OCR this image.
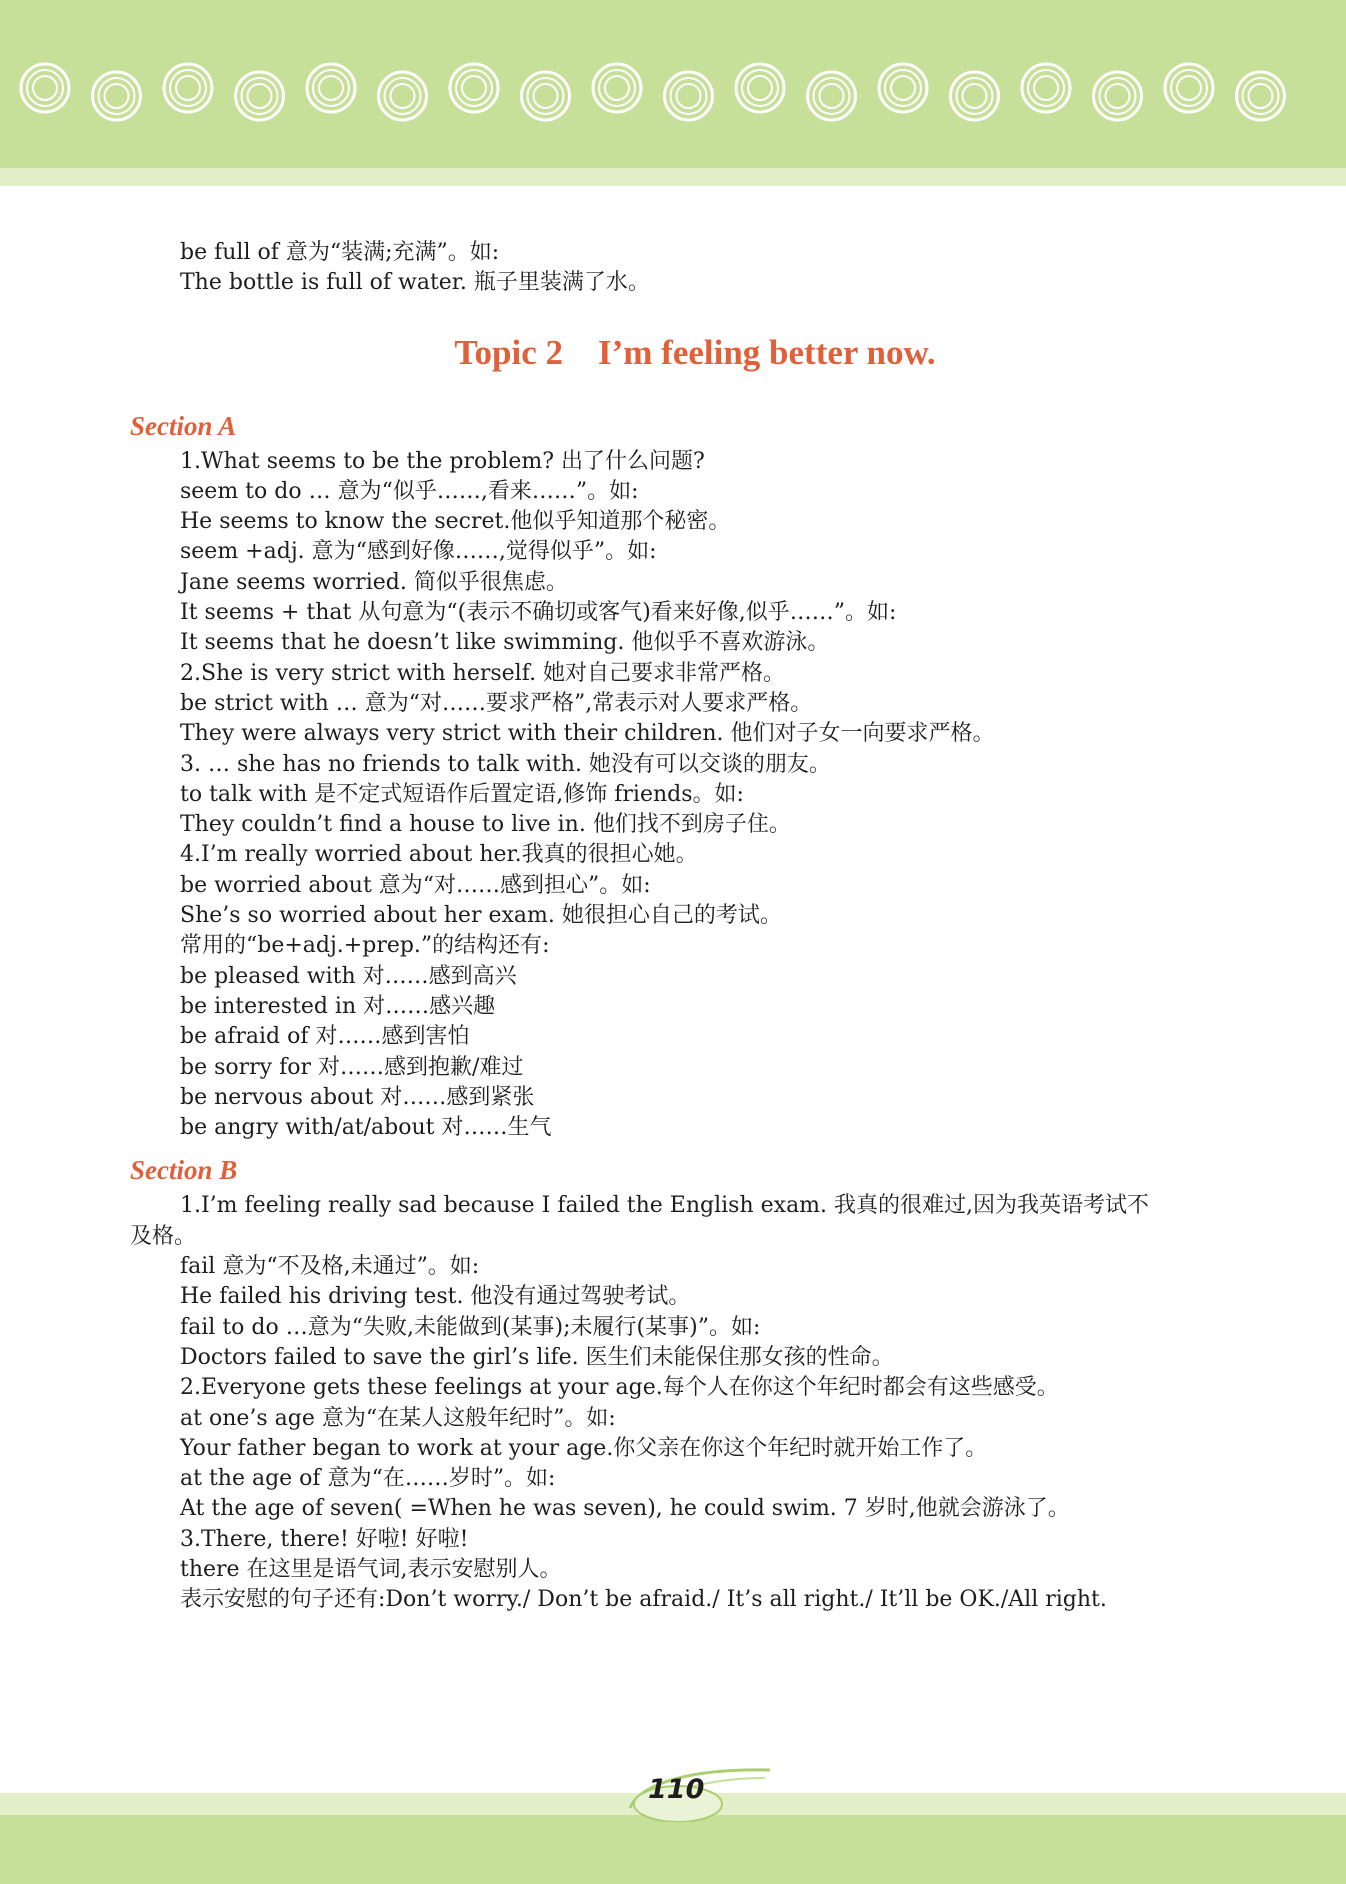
be full of 意为“装满;充满”。如:
The bottle is full of water. 瓶子里装满了水。
Topic 2    I’m feeling better now.
Section A
1.What seems to be the problem? 出了什么问题?
seem to do … 意为“似乎……,看来……”。如:
He seems to know the secret.他似乎知道那个秘密。
seem +adj. 意为“感到好像……,觉得似乎”。如:
Jane seems worried. 简似乎很焦虑。
It seems + that 从句意为“(表示不确切或客气)看来好像,似乎……”。如:
It seems that he doesn’t like swimming. 他似乎不喜欢游泳。
2.She is very strict with herself. 她对自己要求非常严格。
be strict with … 意为“对……要求严格”,常表示对人要求严格。
They were always very strict with their children. 他们对子女一向要求严格。
3. … she has no friends to talk with. 她没有可以交谈的朋友。
to talk with 是不定式短语作后置定语,修饰 friends。如:
They couldn’t find a house to live in. 他们找不到房子住。
4.I’m really worried about her.我真的很担心她。
be worried about 意为“对……感到担心”。如:
She’s so worried about her exam. 她很担心自己的考试。
常用的“be+adj.+prep.”的结构还有:
be pleased with 对……感到高兴
be interested in 对……感兴趣
be afraid of 对……感到害怕
be sorry for 对……感到抱歉/难过
be nervous about 对……感到紧张
be angry with/at/about 对……生气
Section B
1.I’m feeling really sad because I failed the English exam. 我真的很难过,因为我英语考试不
及格。
fail 意为“不及格,未通过”。如:
He failed his driving test. 他没有通过驾驶考试。
fail to do …意为“失败,未能做到(某事);未履行(某事)”。如:
Doctors failed to save the girl’s life. 医生们未能保住那女孩的性命。
2.Everyone gets these feelings at your age.每个人在你这个年纪时都会有这些感受。
at one’s age 意为“在某人这般年纪时”。如:
Your father began to work at your age.你父亲在你这个年纪时就开始工作了。
at the age of 意为“在……岁时”。如:
At the age of seven( =When he was seven), he could swim. 7 岁时,他就会游泳了。
3.There, there! 好啦! 好啦!
there 在这里是语气词,表示安慰别人。
表示安慰的句子还有:Don’t worry./ Don’t be afraid./ It’s all right./ It’ll be OK./All right.
110
